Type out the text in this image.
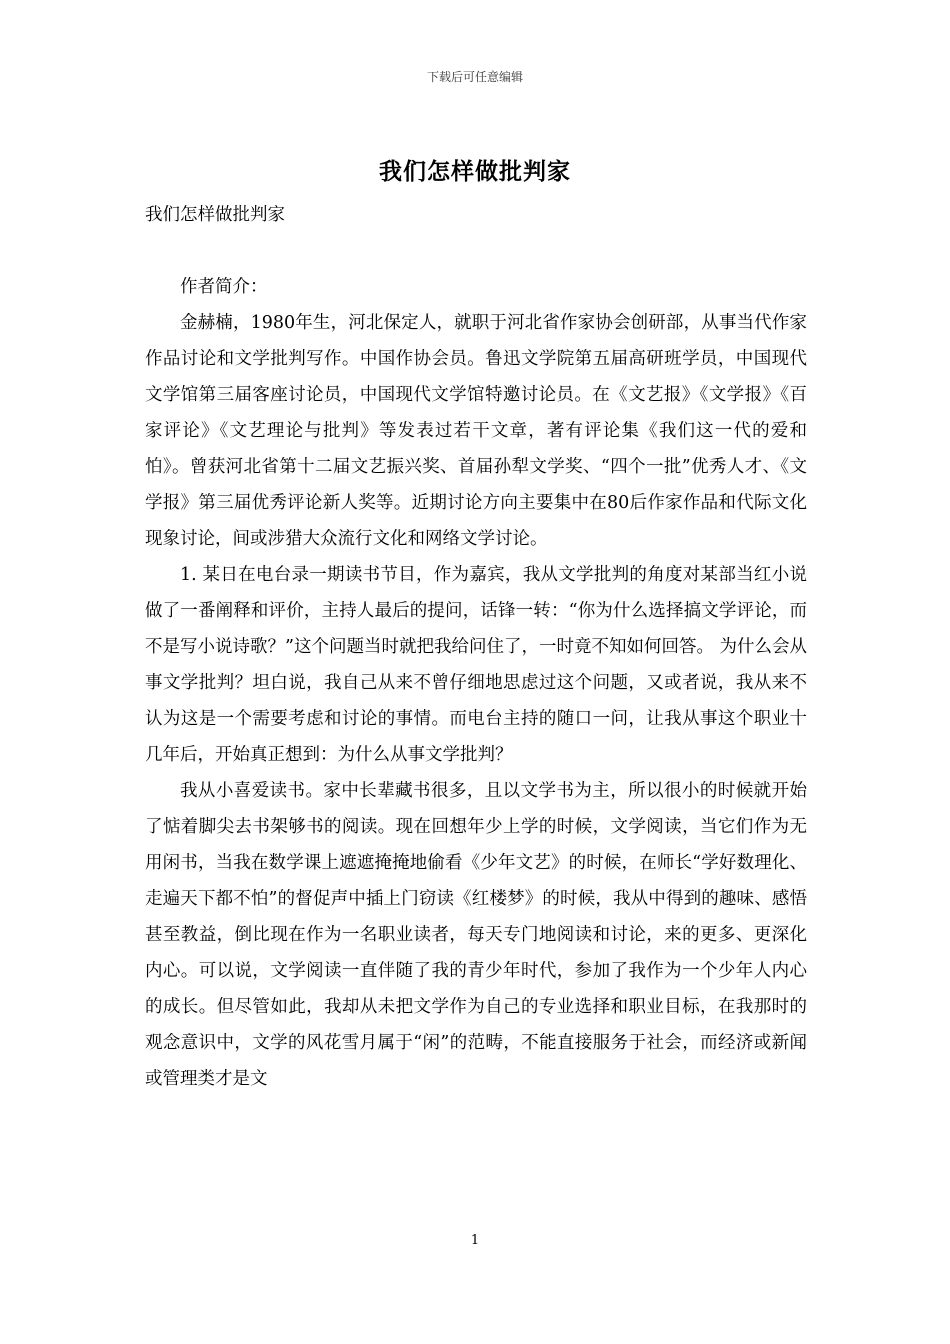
下载后可任意编辑
我们怎样做批判家

我们怎样做批判家

作者简介：

金赫楠，1980年生，河北保定人，就职于河北省作家协会创研部，从事当代作家作品讨论和文学批判写作。中国作协会员。鲁迅文学院第五届高研班学员，中国现代文学馆第三届客座讨论员，中国现代文学馆特邀讨论员。在《文艺报》《文学报》《百家评论》《文艺理论与批判》等发表过若干文章，著有评论集《我们这一代的爱和怕》。曾获河北省第十二届文艺振兴奖、首届孙犁文学奖、“四个一批”优秀人才、《文学报》第三届优秀评论新人奖等。近期讨论方向主要集中在80后作家作品和代际文化现象讨论，间或涉猎大众流行文化和网络文学讨论。

1. 某日在电台录一期读书节目，作为嘉宾，我从文学批判的角度对某部当红小说做了一番阐释和评价，主持人最后的提问，话锋一转：“你为什么选择搞文学评论，而不是写小说诗歌？”这个问题当时就把我给问住了，一时竟不知如何回答。 为什么会从事文学批判？坦白说，我自己从来不曾仔细地思虑过这个问题，又或者说，我从来不认为这是一个需要考虑和讨论的事情。而电台主持的随口一问，让我从事这个职业十几年后，开始真正想到：为什么从事文学批判？

我从小喜爱读书。家中长辈藏书很多，且以文学书为主，所以很小的时候就开始了惦着脚尖去书架够书的阅读。现在回想年少上学的时候，文学阅读，当它们作为无用闲书，当我在数学课上遮遮掩掩地偷看《少年文艺》的时候，在师长“学好数理化、走遍天下都不怕”的督促声中插上门窃读《红楼梦》的时候，我从中得到的趣味、感悟甚至教益，倒比现在作为一名职业读者，每天专门地阅读和讨论，来的更多、更深化内心。可以说，文学阅读一直伴随了我的青少年时代，参加了我作为一个少年人内心的成长。但尽管如此，我却从未把文学作为自己的专业选择和职业目标，在我那时的观念意识中，文学的风花雪月属于“闲”的范畴，不能直接服务于社会，而经济或新闻或管理类才是文

1
